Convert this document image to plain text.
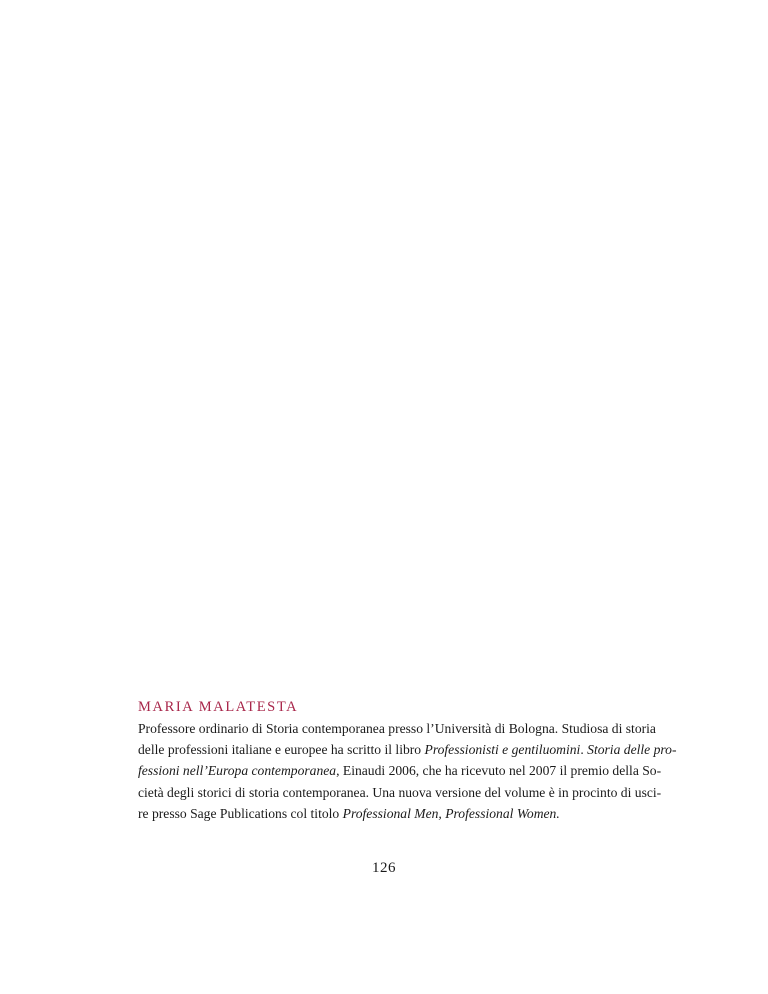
MARIA MALATESTA
Professore ordinario di Storia contemporanea presso l’Università di Bologna. Studiosa di storia
delle professioni italiane e europee ha scritto il libro Professionisti e gentiluomini. Storia delle pro-
fessioni nell’Europa contemporanea, Einaudi 2006, che ha ricevuto nel 2007 il premio della So-
cietà degli storici di storia contemporanea. Una nuova versione del volume è in procinto di usci-
re presso Sage Publications col titolo Professional Men, Professional Women.
126
